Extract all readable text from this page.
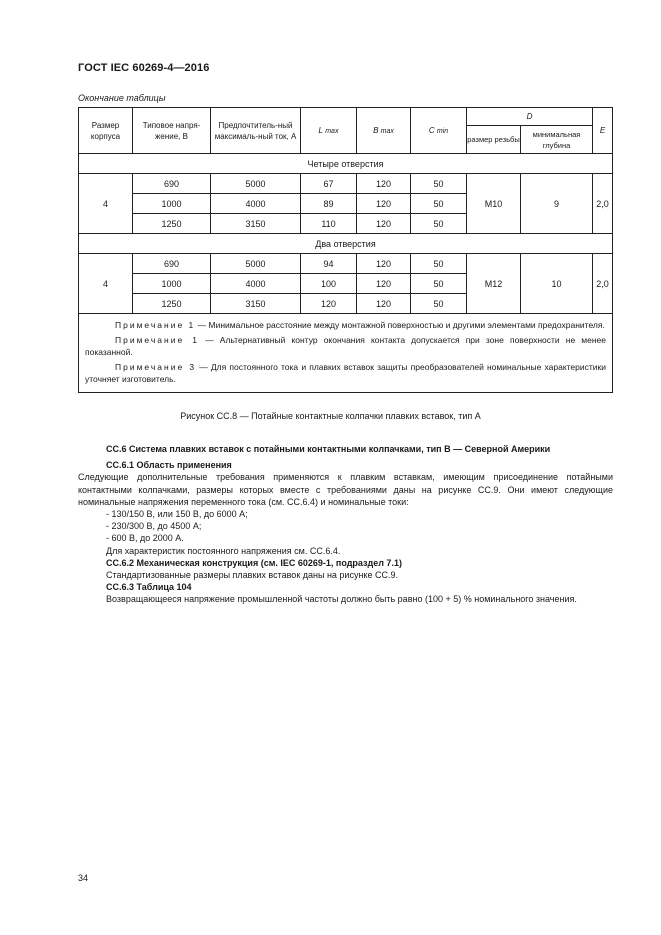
ГОСТ IEC 60269-4—2016
Окончание таблицы
Размер корпуса	Типовое напря-жение, В	Предпочтитель-ный максималь-ный ток, А	L max	B max	C min	D		E
						размер резьбы	минимальная глубина	
Четыре отверстия								
4	690	5000	67	120	50	M10	9	2,0
	1000	4000	89	120	50			
	1250	3150	110	120	50			
Два отверстия								
4	690	5000	94	120	50	M12	10	2,0
	1000	4000	100	120	50			
	1250	3150	120	120	50			

Примечание 1 — Минимальное расстояние между монтажной поверхностью и другими элементами предохранителя.

Примечание 1 — Альтернативный контур окончания контакта допускается при зоне поверхности не менее показанной.

Примечание 3 — Для постоянного тока и плавких вставок защиты преобразователей номинальные характеристики уточняет изготовитель.								

Рисунок СС.8 — Потайные контактные колпачки плавких вставок, тип А

СС.6 Система плавких вставок с потайными контактными колпачками, тип В — Северной Америки

СС.6.1 Область применения

Следующие дополнительные требования применяются к плавким вставкам, имеющим присоединение потайными контактными колпачками, размеры которых вместе с требованиями даны на рисунке СС.9. Они имеют следующие номинальные напряжения переменного тока (см. СС.6.4) и номинальные токи:

- 130/150 В, или 150 В, до 6000 А;

- 230/300 В, до 4500 А;

- 600 В, до 2000 А.

Для характеристик постоянного напряжения см. СС.6.4.

СС.6.2 Механическая конструкция (см. IEC 60269-1, подраздел 7.1)

Стандартизованные размеры плавких вставок даны на рисунке СС.9.

СС.6.3 Таблица 104

Возвращающееся напряжение промышленной частоты должно быть равно (100 + 5) % номинального значения.

34
